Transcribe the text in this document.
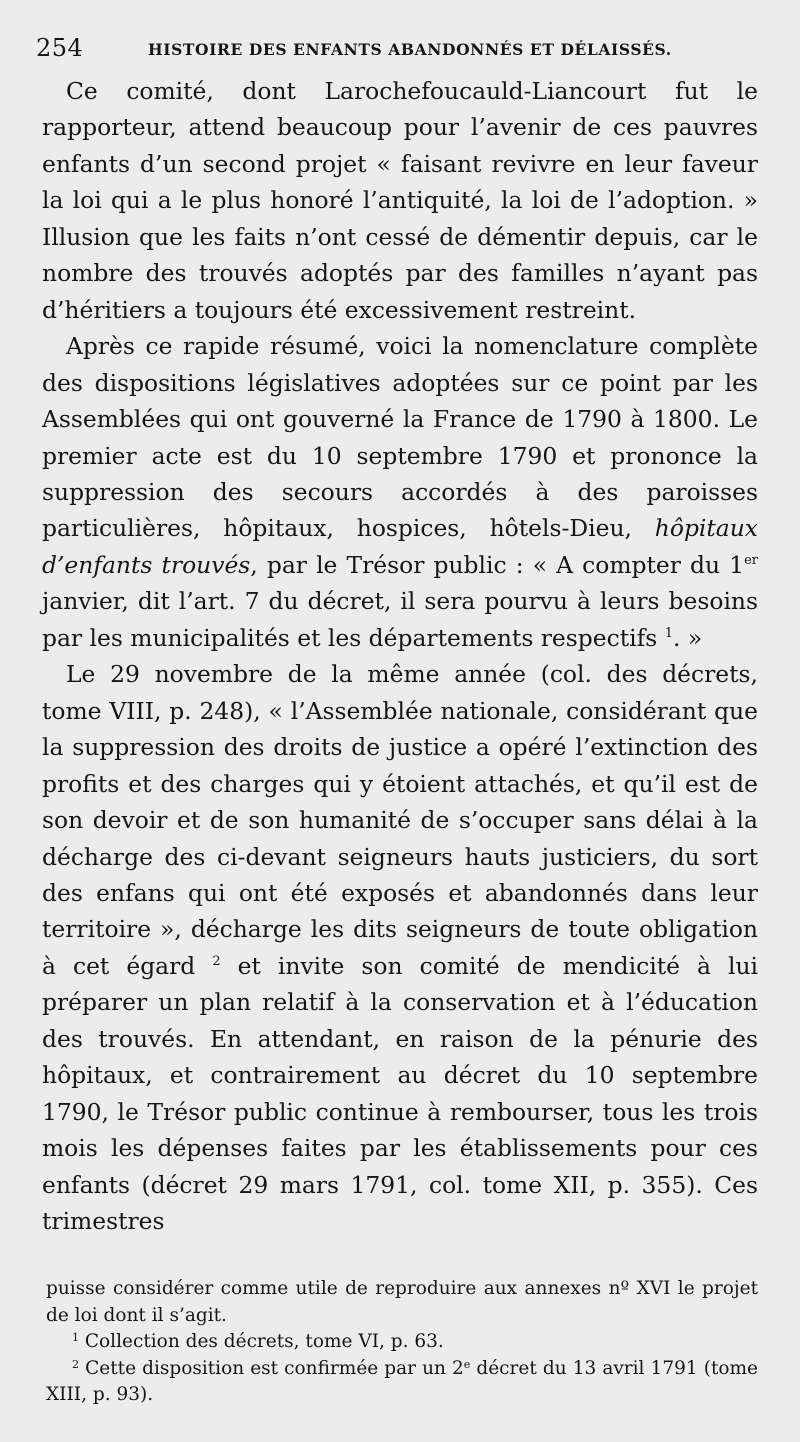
254	HISTOIRE DES ENFANTS ABANDONNÉS ET DÉLAISSÉS.

Ce comité, dont Larochefoucauld-Liancourt fut le rapporteur, attend beaucoup pour l’avenir de ces pauvres enfants d’un second projet « faisant revivre en leur faveur la loi qui a le plus honoré l’antiquité, la loi de l’adoption. » Illusion que les faits n’ont cessé de démentir depuis, car le nombre des trouvés adoptés par des familles n’ayant pas d’héritiers a toujours été excessivement restreint.

Après ce rapide résumé, voici la nomenclature complète des dispositions législatives adoptées sur ce point par les Assemblées qui ont gouverné la France de 1790 à 1800. Le premier acte est du 10 septembre 1790 et prononce la suppression des secours accordés à des paroisses particulières, hôpitaux, hospices, hôtels-Dieu, hôpitaux d’enfants trouvés, par le Trésor public : « A compter du 1er janvier, dit l’art. 7 du décret, il sera pourvu à leurs besoins par les municipalités et les départements respectifs $^1$. »

Le 29 novembre de la même année (col. des décrets, tome VIII, p. 248), « l’Assemblée nationale, considérant que la suppression des droits de justice a opéré l’extinction des profits et des charges qui y étoient attachés, et qu’il est de son devoir et de son humanité de s’occuper sans délai à la décharge des ci-devant seigneurs hauts justiciers, du sort des enfans qui ont été exposés et abandonnés dans leur territoire », décharge les dits seigneurs de toute obligation à cet égard $^2$ et invite son comité de mendicité à lui préparer un plan relatif à la conservation et à l’éducation des trouvés. En attendant, en raison de la pénurie des hôpitaux, et contrairement au décret du 10 septembre 1790, le Trésor public continue à rembourser, tous les trois mois les dépenses faites par les établissements pour ces enfants (décret 29 mars 1791, col. tome XII, p. 355). Ces trimestres

puisse considérer comme utile de reproduire aux annexes nº XVI le projet de loi dont il s’agit.

$^1$ Collection des décrets, tome VI, p. 63.

$^2$ Cette disposition est confirmée par un 2e décret du 13 avril 1791 (tome XIII, p. 93).
